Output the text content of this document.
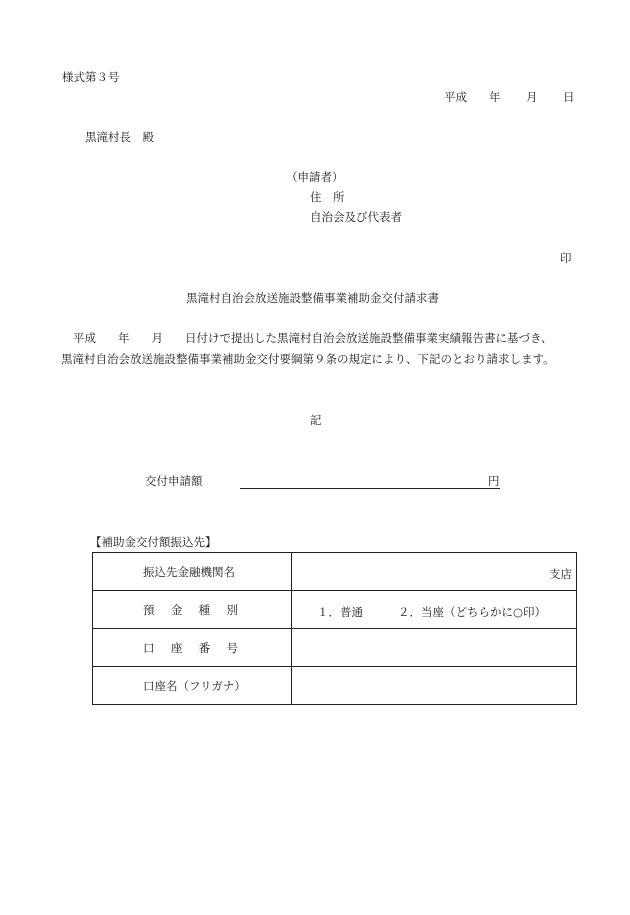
様式第３号
平成 年 月 日
黒滝村長　殿
（申請者）
住　所
自治会及び代表者
印
黒滝村自治会放送施設整備事業補助金交付請求書
平成 年 月 日付けで提出した黒滝村自治会放送施設整備事業実績報告書に基づき、
黒滝村自治会放送施設整備事業補助金交付要綱第９条の規定により、下記のとおり請求します。
記
交付申請額	円
【補助金交付額振込先】
振込先金融機関名	支店

預　金　種　別	１．普通 ２．当座（どちらかに○印）

口　座　番　号	
口座名（フリガナ）	
